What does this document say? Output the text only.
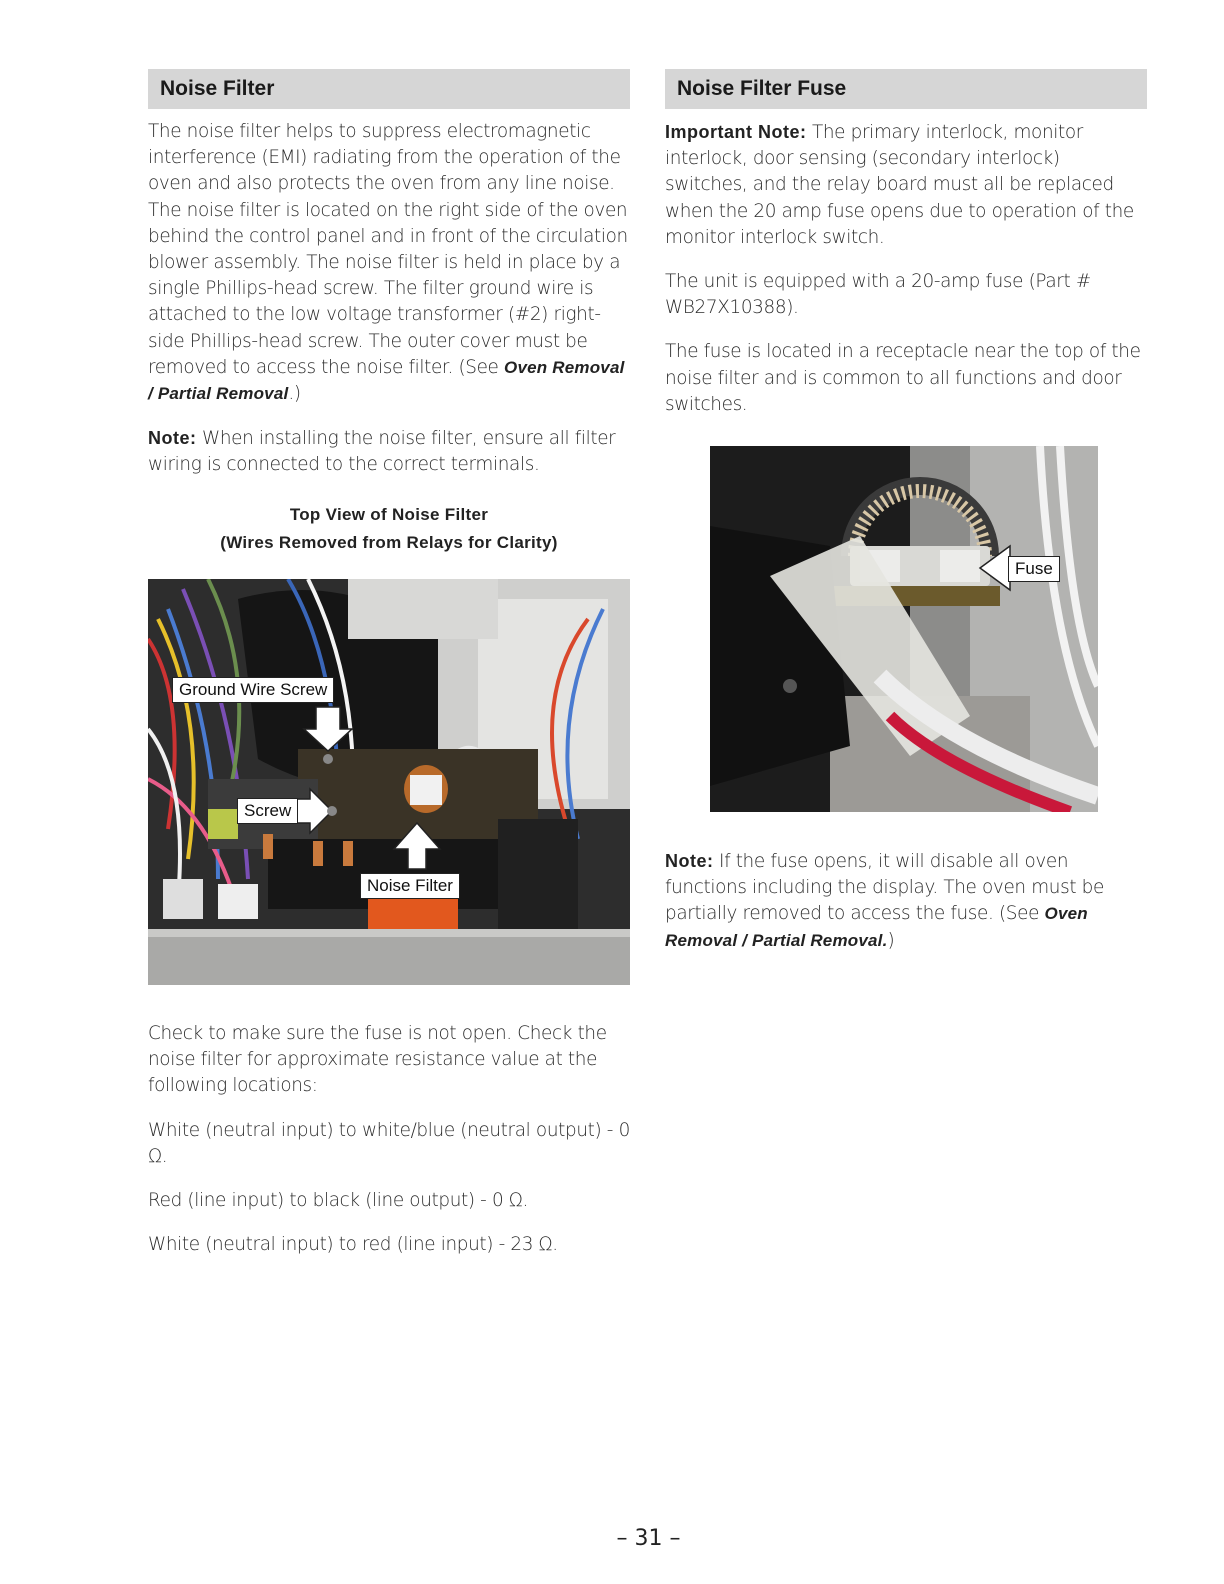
Noise Filter

The noise filter helps to suppress electromagnetic interference (EMI) radiating from the operation of the oven and also protects the oven from any line noise. The noise filter is located on the right side of the oven behind the control panel and in front of the circulation blower assembly. The noise filter is held in place by a single Phillips-head screw. The filter ground wire is attached to the low voltage transformer (#2) right-side Phillips-head screw. The outer cover must be removed to access the noise filter. (See Oven Removal / Partial Removal.)

Note: When installing the noise filter, ensure all filter wiring is connected to the correct terminals.

Top View of Noise Filter
(Wires Removed from Relays for Clarity)
Ground Wire Screw
Screw
Noise Filter

Check to make sure the fuse is not open. Check the noise filter for approximate resistance value at the following locations:

White (neutral input) to white/blue (neutral output) - 0 Ω.

Red (line input) to black (line output) - 0 Ω.

White (neutral input) to red (line input) - 23 Ω.

Noise Filter Fuse

Important Note: The primary interlock, monitor interlock, door sensing (secondary interlock) switches, and the relay board must all be replaced when the 20 amp fuse opens due to operation of the monitor interlock switch.

The unit is equipped with a 20-amp fuse (Part # WB27X10388).

The fuse is located in a receptacle near the top of the noise filter and is common to all functions and door switches.

Fuse

Note: If the fuse opens, it will disable all oven functions including the display. The oven must be partially removed to access the fuse. (See Oven Removal / Partial Removal.)

– 31 –
